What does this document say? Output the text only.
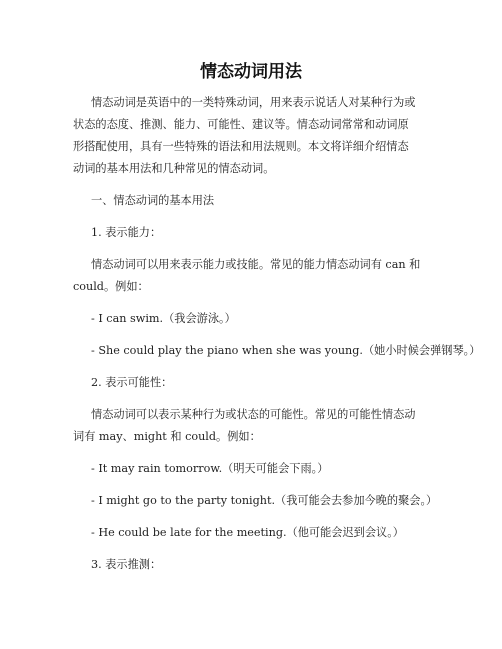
情态动词用法
情态动词是英语中的一类特殊动词，用来表示说话人对某种行为或
状态的态度、推测、能力、可能性、建议等。情态动词常常和动词原
形搭配使用，具有一些特殊的语法和用法规则。本文将详细介绍情态
动词的基本用法和几种常见的情态动词。
一、情态动词的基本用法
1. 表示能力：
情态动词可以用来表示能力或技能。常见的能力情态动词有 can 和
could。例如：
- I can swim.（我会游泳。）
- She could play the piano when she was young.（她小时候会弹钢琴。）
2. 表示可能性：
情态动词可以表示某种行为或状态的可能性。常见的可能性情态动
词有 may、might 和 could。例如：
- It may rain tomorrow.（明天可能会下雨。）
- I might go to the party tonight.（我可能会去参加今晚的聚会。）
- He could be late for the meeting.（他可能会迟到会议。）
3. 表示推测：
